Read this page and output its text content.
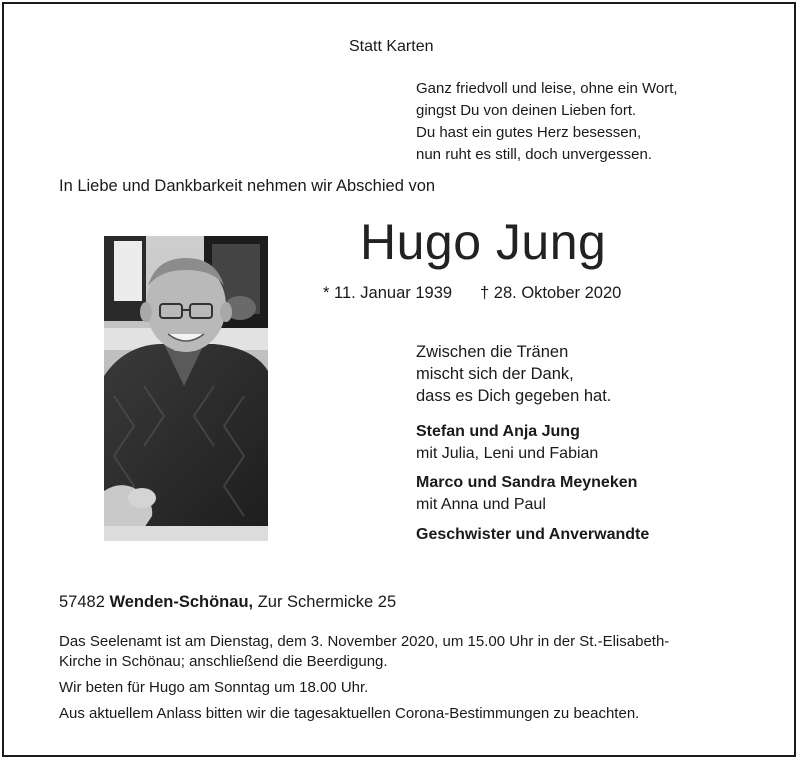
Statt Karten
Ganz friedvoll und leise, ohne ein Wort,
gingst Du von deinen Lieben fort.
Du hast ein gutes Herz besessen,
nun ruht es still, doch unvergessen.
In Liebe und Dankbarkeit nehmen wir Abschied von
Hugo Jung
* 11. Januar 1939 † 28. Oktober 2020
Zwischen die Tränen
mischt sich der Dank,
dass es Dich gegeben hat.
Stefan und Anja Jung
mit Julia, Leni und Fabian
Marco und Sandra Meyneken
mit Anna und Paul
Geschwister und Anverwandte
57482 Wenden-Schönau, Zur Schermicke 25
Das Seelenamt ist am Dienstag, dem 3. November 2020, um 15.00 Uhr in der St.-Elisabeth-
Kirche in Schönau; anschließend die Beerdigung.
Wir beten für Hugo am Sonntag um 18.00 Uhr.
Aus aktuellem Anlass bitten wir die tagesaktuellen Corona-Bestimmungen zu beachten.
